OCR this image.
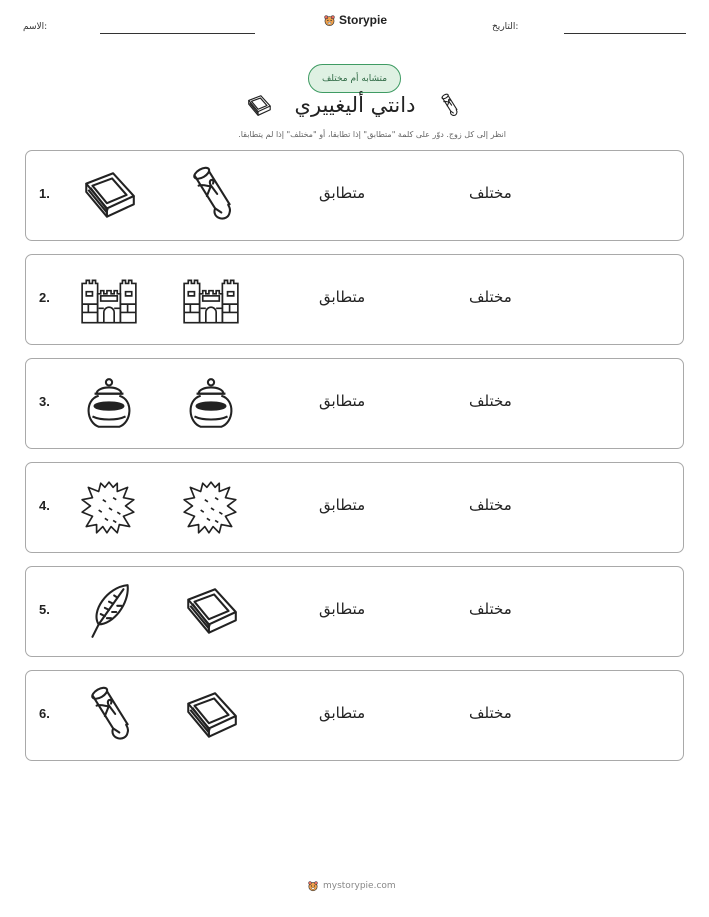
الاسم:	Storypie	التاريخ:
متشابه أم مختلف
دانتي أليغييري
انظر إلى كل زوج. دوّر على كلمة "متطابق" إذا تطابقا، أو "مختلف" إذا لم يتطابقا.
1.	متطابق	مختلف
2.	متطابق	مختلف
3.	متطابق	مختلف
4.	متطابق	مختلف
5.	متطابق	مختلف
6.	متطابق	مختلف
mystorypie.com
